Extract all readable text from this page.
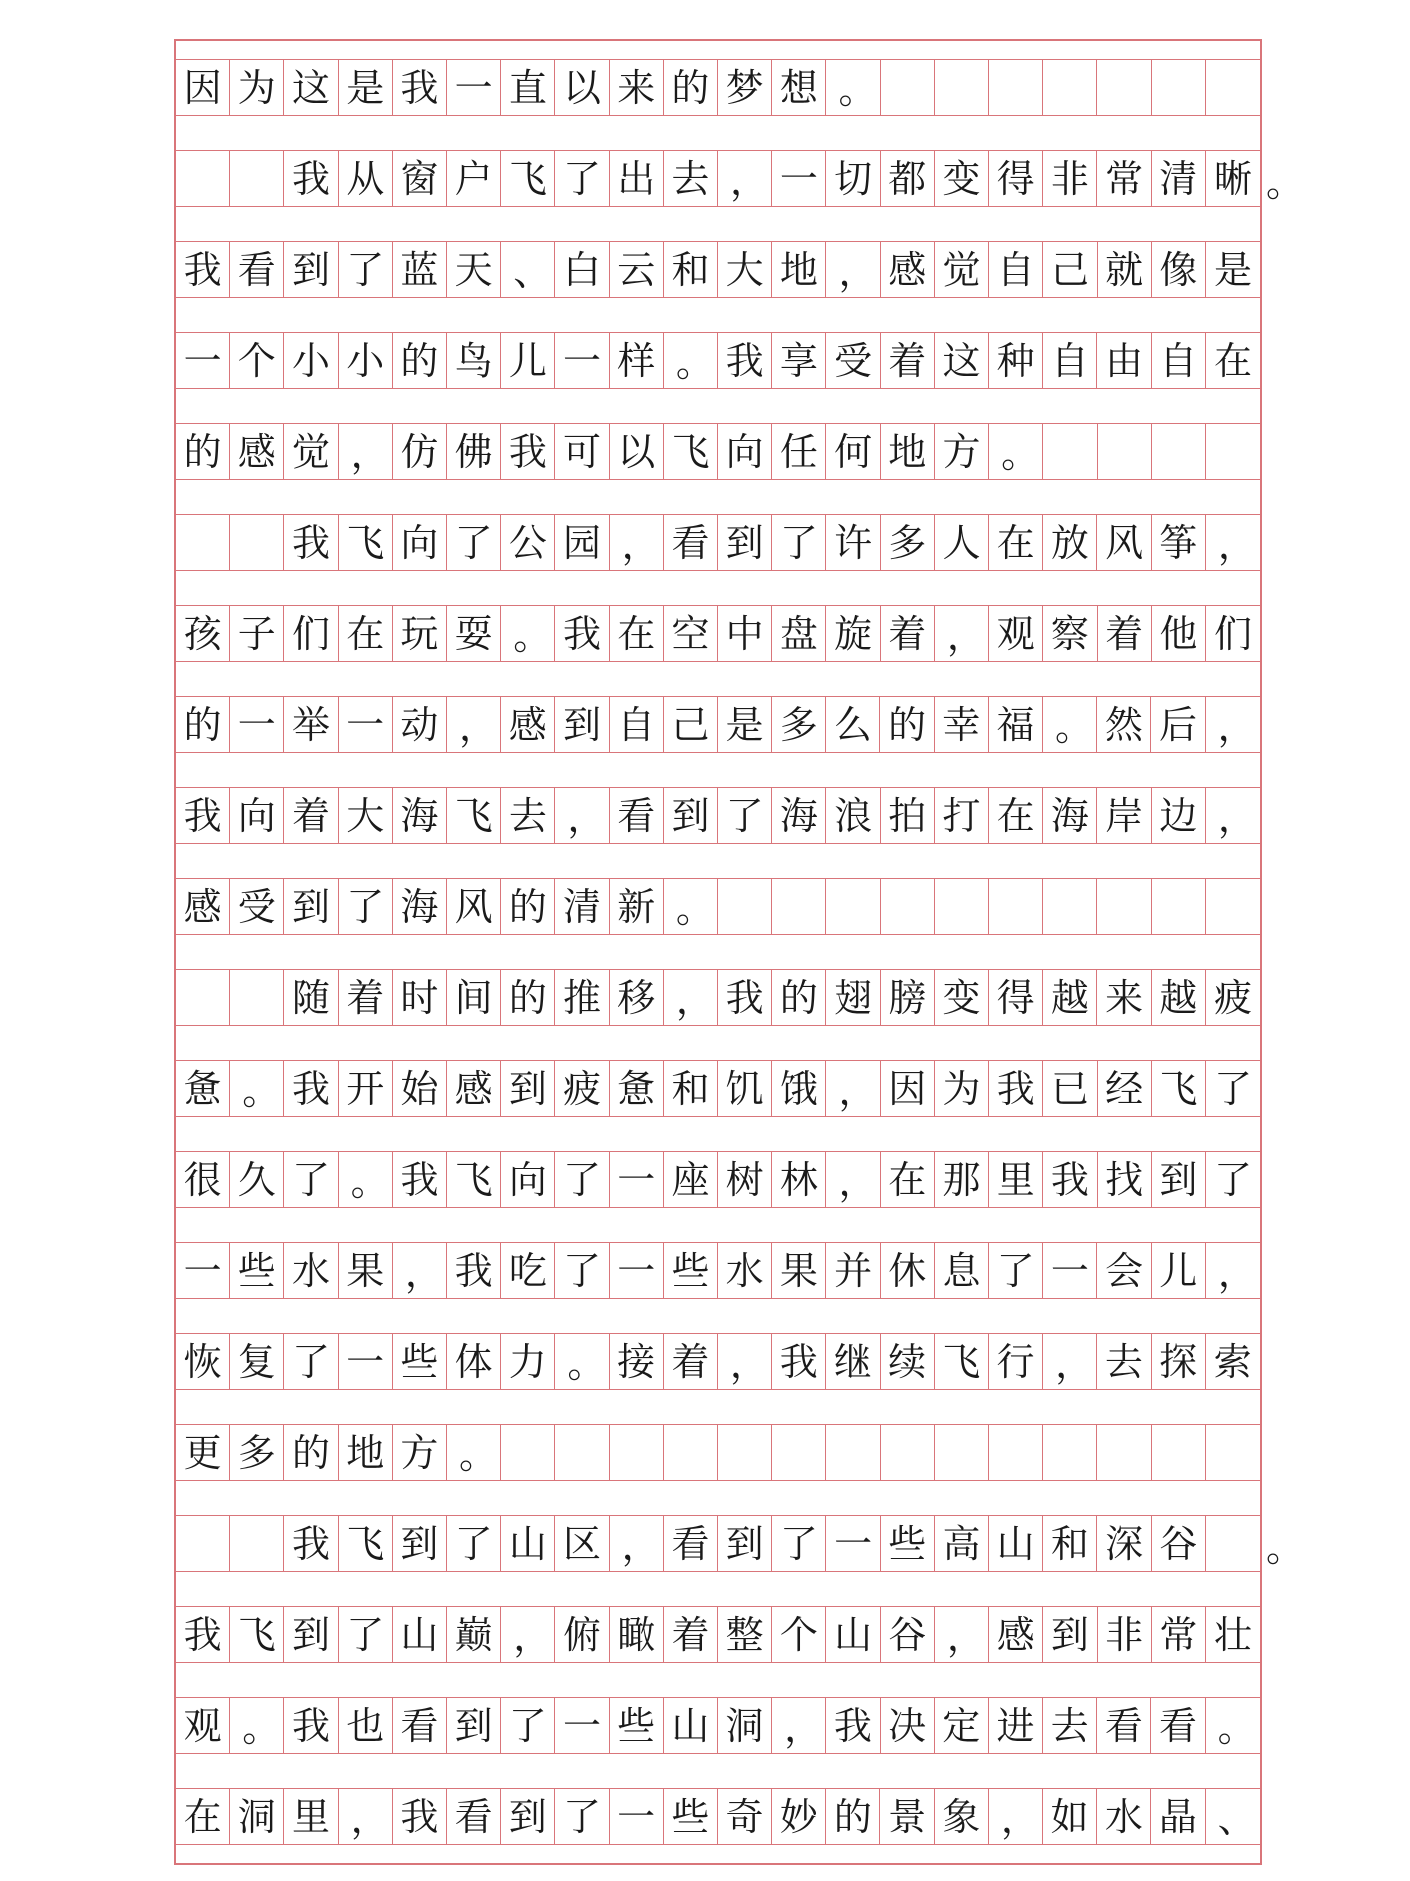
因 为 这 是 我 一 直 以 来 的 梦 想 。
我 从 窗 户 飞 了 出 去 ， 一 切 都 变 得 非 常 清 晰
我 看 到 了 蓝 天 、 白 云 和 大 地 ， 感 觉 自 己 就 像 是
一 个 小 小 的 鸟 儿 一 样 。 我 享 受 着 这 种 自 由 自 在
的 感 觉 ， 仿 佛 我 可 以 飞 向 任 何 地 方 。
我 飞 向 了 公 园 ， 看 到 了 许 多 人 在 放 风 筝 ，
孩 子 们 在 玩 耍 。 我 在 空 中 盘 旋 着 ， 观 察 着 他 们
的 一 举 一 动 ， 感 到 自 己 是 多 么 的 幸 福 。 然 后 ，
我 向 着 大 海 飞 去 ， 看 到 了 海 浪 拍 打 在 海 岸 边 ，
感 受 到 了 海 风 的 清 新 。
随 着 时 间 的 推 移 ， 我 的 翅 膀 变 得 越 来 越 疲
惫 。 我 开 始 感 到 疲 惫 和 饥 饿 ， 因 为 我 已 经 飞 了
很 久 了 。 我 飞 向 了 一 座 树 林 ， 在 那 里 我 找 到 了
一 些 水 果 ， 我 吃 了 一 些 水 果 并 休 息 了 一 会 儿 ，
恢 复 了 一 些 体 力 。 接 着 ， 我 继 续 飞 行 ， 去 探 索
更 多 的 地 方 。
我 飞 到 了 山 区 ， 看 到 了 一 些 高 山 和 深 谷
我 飞 到 了 山 巅 ， 俯 瞰 着 整 个 山 谷 ， 感 到 非 常 壮
观 。 我 也 看 到 了 一 些 山 洞 ， 我 决 定 进 去 看 看 。
在 洞 里 ， 我 看 到 了 一 些 奇 妙 的 景 象 ， 如 水 晶 、
。
。
